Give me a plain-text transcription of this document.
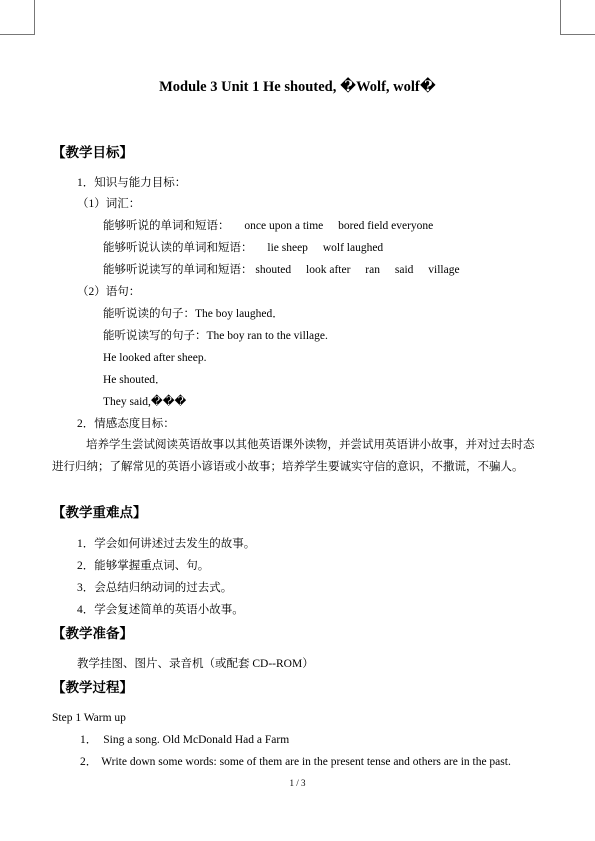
Module 3 Unit 1 He shouted, �Wolf, wolf�
【教学目标】
1．知识与能力目标：
（1）词汇：
能够听说的单词和短语： once upon a time bored field everyone
能够听说认读的单词和短语： lie sheep wolf laughed
能够听说读写的单词和短语： shouted look after ran said village
（2）语句：
能听说读的句子：The boy laughed．
能听说读写的句子：The boy ran to the village.
He looked after sheep.
He shouted．
They said,���
2．情感态度目标：
培养学生尝试阅读英语故事以其他英语课外读物，并尝试用英语讲小故事，并对过去时态进行归纳；了解常见的英语小谚语或小故事；培养学生要诚实守信的意识，不撒谎，不骗人。
【教学重难点】
1．学会如何讲述过去发生的故事。
2．能够掌握重点词、句。
3．会总结归纳动词的过去式。
4．学会复述简单的英语小故事。
【教学准备】
教学挂图、图片、录音机（或配套 CD--ROM）
【教学过程】
Step 1 Warm up
1． Sing a song. Old McDonald Had a Farm
2． Write down some words: some of them are in the present tense and others are in the past.
1 / 3
